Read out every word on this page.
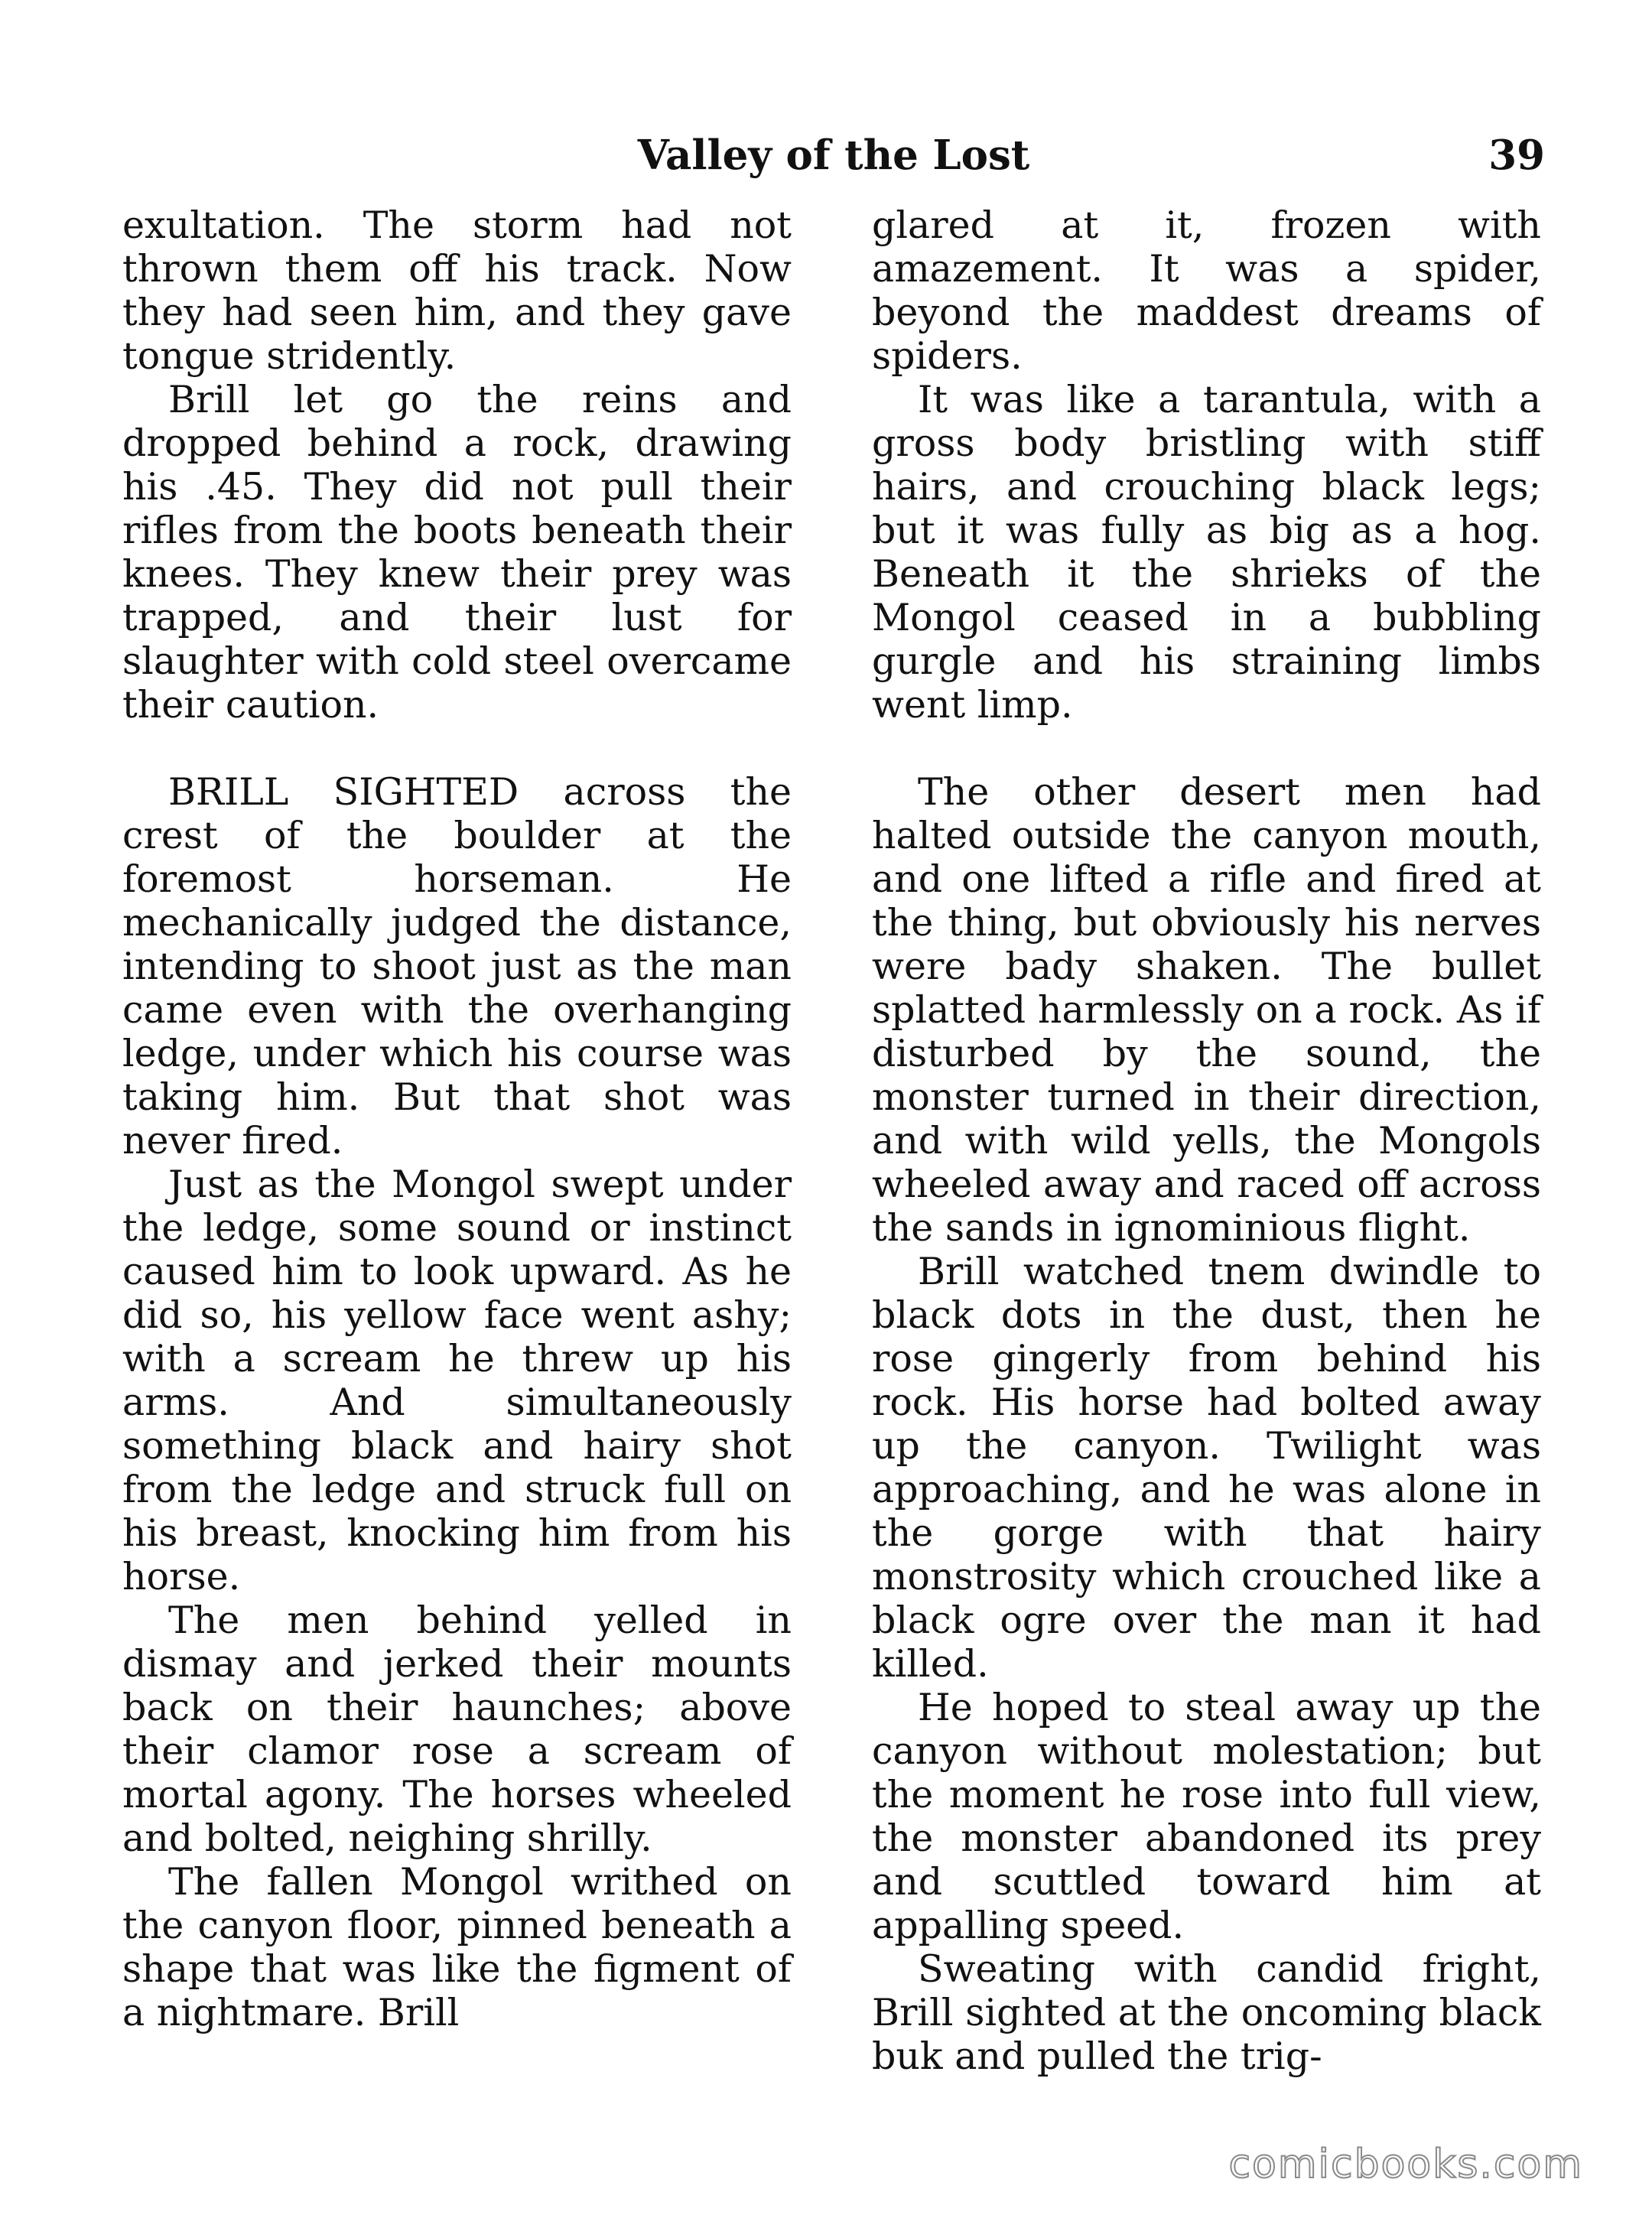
Valley of the Lost	39

exultation. The storm had not thrown them off his track. Now they had seen him, and they gave tongue stridently.

Brill let go the reins and dropped behind a rock, drawing his .45. They did not pull their rifles from the boots beneath their knees. They knew their prey was trapped, and their lust for slaughter with cold steel overcame their caution.

BRILL SIGHTED across the crest of the boulder at the foremost horseman. He mechanically judged the distance, intending to shoot just as the man came even with the overhanging ledge, under which his course was taking him. But that shot was never fired.

Just as the Mongol swept under the ledge, some sound or instinct caused him to look upward. As he did so, his yellow face went ashy; with a scream he threw up his arms. And simultaneously something black and hairy shot from the ledge and struck full on his breast, knocking him from his horse.

The men behind yelled in dismay and jerked their mounts back on their haunches; above their clamor rose a scream of mortal agony. The horses wheeled and bolted, neighing shrilly.

The fallen Mongol writhed on the canyon floor, pinned beneath a shape that was like the figment of a nightmare. Brill

glared at it, frozen with amazement. It was a spider, beyond the maddest dreams of spiders.

It was like a tarantula, with a gross body bristling with stiff hairs, and crouching black legs; but it was fully as big as a hog. Beneath it the shrieks of the Mongol ceased in a bubbling gurgle and his straining limbs went limp.

The other desert men had halted outside the canyon mouth, and one lifted a rifle and fired at the thing, but obviously his nerves were bady shaken. The bullet splatted harmlessly on a rock. As if disturbed by the sound, the monster turned in their direction, and with wild yells, the Mongols wheeled away and raced off across the sands in ignominious flight.

Brill watched tnem dwindle to black dots in the dust, then he rose gingerly from behind his rock. His horse had bolted away up the canyon. Twilight was approaching, and he was alone in the gorge with that hairy monstrosity which crouched like a black ogre over the man it had killed.

He hoped to steal away up the canyon without molestation; but the moment he rose into full view, the monster abandoned its prey and scuttled toward him at appalling speed.

Sweating with candid fright, Brill sighted at the oncoming black buk and pulled the trig-

comicbooks.com
